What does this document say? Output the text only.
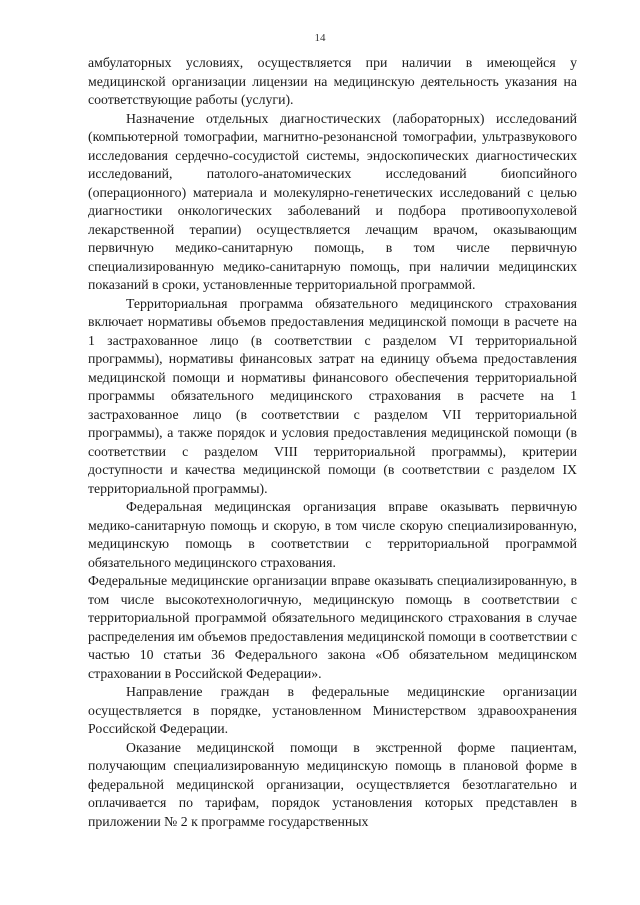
14

амбулаторных условиях, осуществляется при наличии в имеющейся у медицинской организации лицензии на медицинскую деятельность указания на соответствующие работы (услуги).

Назначение отдельных диагностических (лабораторных) исследований (компьютерной томографии, магнитно-резонансной томографии, ультразвукового исследования сердечно-сосудистой системы, эндоскопических диагностических исследований, патолого-анатомических исследований биопсийного (операционного) материала и молекулярно-генетических исследований с целью диагностики онкологических заболеваний и подбора противоопухолевой лекарственной терапии) осуществляется лечащим врачом, оказывающим первичную медико-санитарную помощь, в том числе первичную специализированную медико-санитарную помощь, при наличии медицинских показаний в сроки, установленные территориальной программой.

Территориальная программа обязательного медицинского страхования включает нормативы объемов предоставления медицинской помощи в расчете на 1 застрахованное лицо (в соответствии с разделом VI территориальной программы), нормативы финансовых затрат на единицу объема предоставления медицинской помощи и нормативы финансового обеспечения территориальной программы обязательного медицинского страхования в расчете на 1 застрахованное лицо (в соответствии с разделом VII территориальной программы), а также порядок и условия предоставления медицинской помощи (в соответствии с разделом VIII территориальной программы), критерии доступности и качества медицинской помощи (в соответствии с разделом IX территориальной программы).

Федеральная медицинская организация вправе оказывать первичную медико-санитарную помощь и скорую, в том числе скорую специализированную, медицинскую помощь в соответствии с территориальной программой обязательного медицинского страхования.

Федеральные медицинские организации вправе оказывать специализированную, в том числе высокотехнологичную, медицинскую помощь в соответствии с территориальной программой обязательного медицинского страхования в случае распределения им объемов предоставления медицинской помощи в соответствии с частью 10 статьи 36 Федерального закона «Об обязательном медицинском страховании в Российской Федерации».

Направление граждан в федеральные медицинские организации осуществляется в порядке, установленном Министерством здравоохранения Российской Федерации.

Оказание медицинской помощи в экстренной форме пациентам, получающим специализированную медицинскую помощь в плановой форме в федеральной медицинской организации, осуществляется безотлагательно и оплачивается по тарифам, порядок установления которых представлен в приложении № 2 к программе государственных
